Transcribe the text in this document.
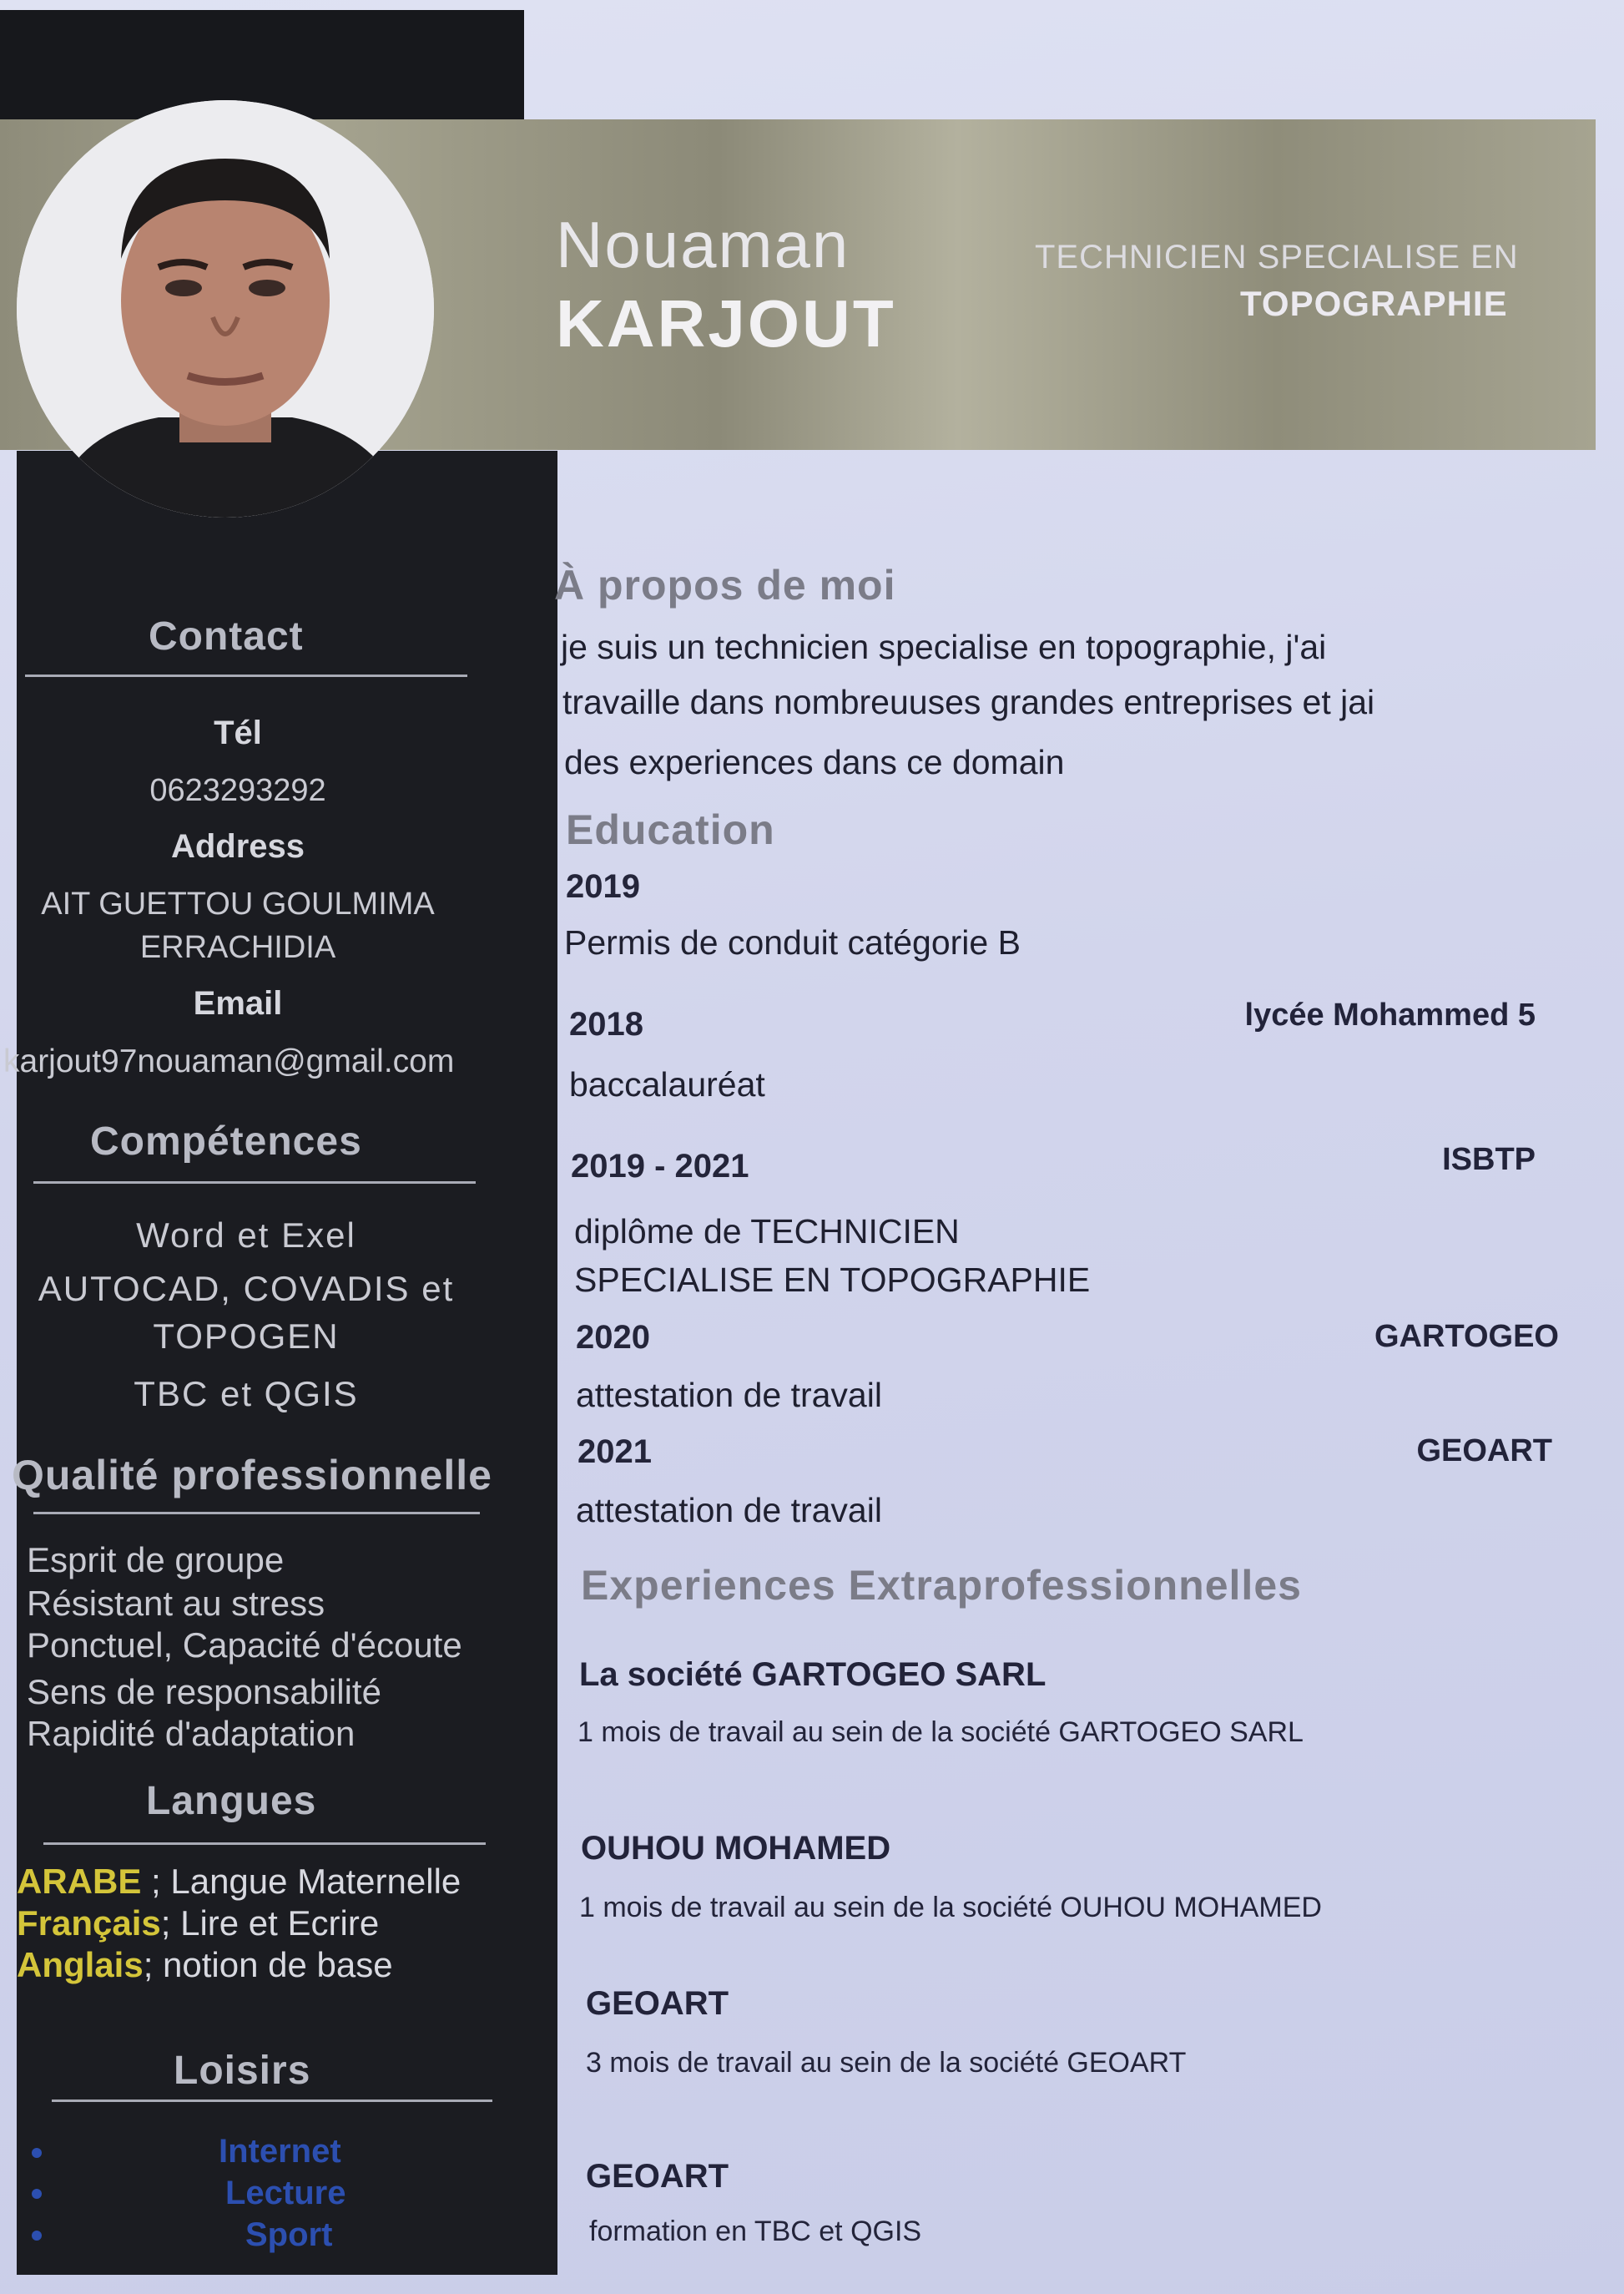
Nouaman
KARJOUT
TECHNICIEN SPECIALISE EN
TOPOGRAPHIE
Contact
Tél
0623293292
Address
AIT GUETTOU GOULMIMA
ERRACHIDIA
Email
karjout97nouaman@gmail.com
Compétences
Word et Exel
AUTOCAD, COVADIS et
TOPOGEN
TBC et QGIS
Qualité professionnelle
Esprit de groupe
Résistant au stress
Ponctuel, Capacité d'écoute
Sens de responsabilité
Rapidité d'adaptation
Langues
ARABE ; Langue Maternelle
Français; Lire et Ecrire
Anglais; notion de base
Loisirs
Internet
Lecture
Sport
À propos de moi
je suis un technicien specialise en topographie, j'ai
travaille dans nombreuuses grandes entreprises et jai
des experiences dans ce domain
Education
2019
Permis de conduit catégorie B
2018	lycée Mohammed 5
baccalauréat
2019 - 2021	ISBTP
diplôme de TECHNICIEN
SPECIALISE EN TOPOGRAPHIE
2020	GARTOGEO
attestation de travail
2021	GEOART
attestation de travail
Experiences Extraprofessionnelles
La société GARTOGEO SARL
1 mois de travail au sein de la société GARTOGEO SARL
OUHOU MOHAMED
1 mois de travail au sein de la société OUHOU MOHAMED
GEOART
3 mois de travail au sein de la société GEOART
GEOART
formation en TBC et QGIS
